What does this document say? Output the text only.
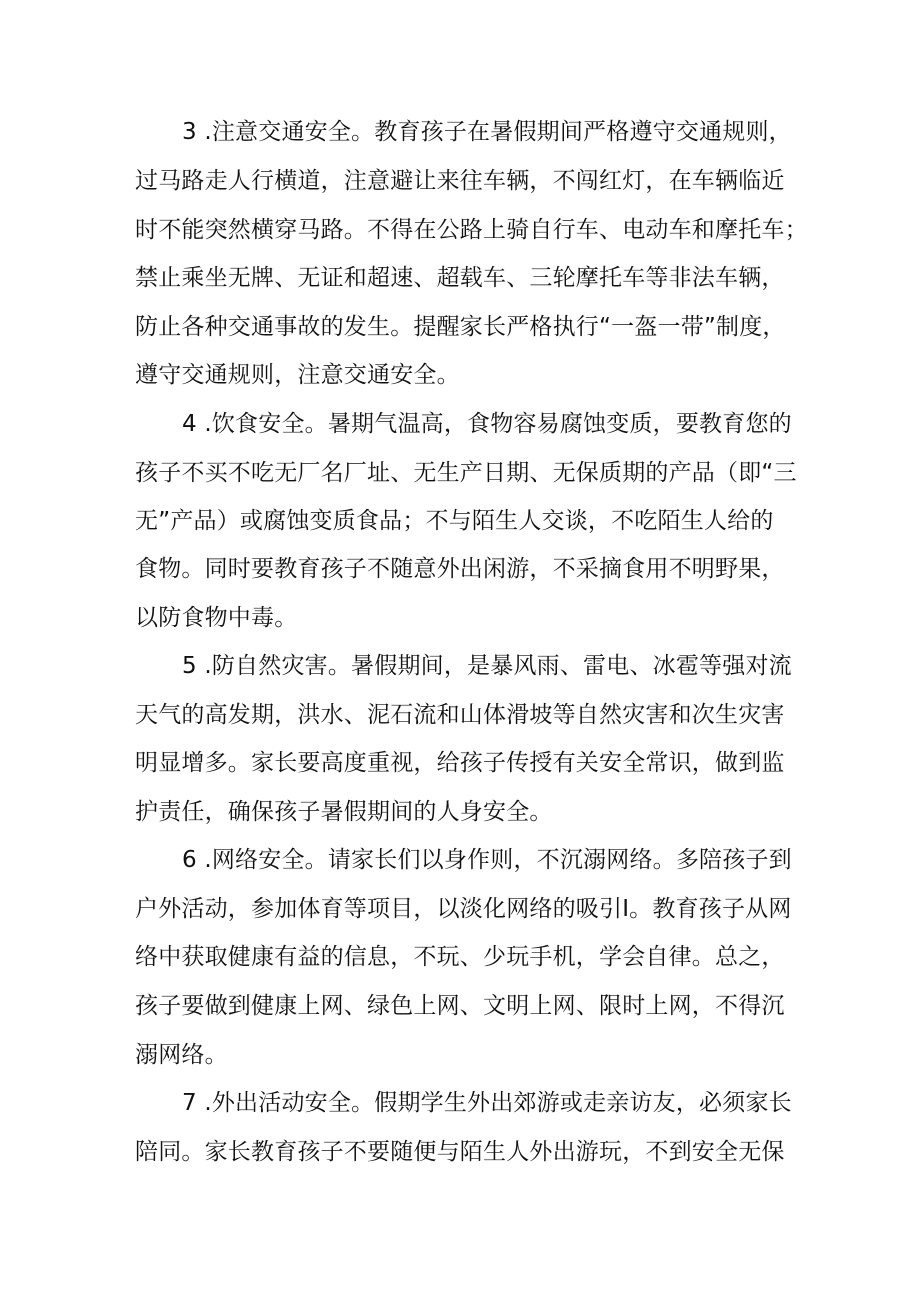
3 .注意交通安全。教育孩子在暑假期间严格遵守交通规则，
过马路走人行横道，注意避让来往车辆，不闯红灯，在车辆临近
时不能突然横穿马路。不得在公路上骑自行车、电动车和摩托车；
禁止乘坐无牌、无证和超速、超载车、三轮摩托车等非法车辆，
防止各种交通事故的发生。提醒家长严格执行“一盔一带”制度，
遵守交通规则，注意交通安全。
4 .饮食安全。暑期气温高，食物容易腐蚀变质，要教育您的
孩子不买不吃无厂名厂址、无生产日期、无保质期的产品（即“三
无”产品）或腐蚀变质食品；不与陌生人交谈，不吃陌生人给的
食物。同时要教育孩子不随意外出闲游，不采摘食用不明野果，
以防食物中毒。
5 .防自然灾害。暑假期间，是暴风雨、雷电、冰雹等强对流
天气的高发期，洪水、泥石流和山体滑坡等自然灾害和次生灾害
明显增多。家长要高度重视，给孩子传授有关安全常识，做到监
护责任，确保孩子暑假期间的人身安全。
6 .网络安全。请家长们以身作则，不沉溺网络。多陪孩子到
户外活动，参加体育等项目，以淡化网络的吸引I。教育孩子从网
络中获取健康有益的信息，不玩、少玩手机，学会自律。总之，
孩子要做到健康上网、绿色上网、文明上网、限时上网，不得沉
溺网络。
7 .外出活动安全。假期学生外出郊游或走亲访友，必须家长
陪同。家长教育孩子不要随便与陌生人外出游玩，不到安全无保
